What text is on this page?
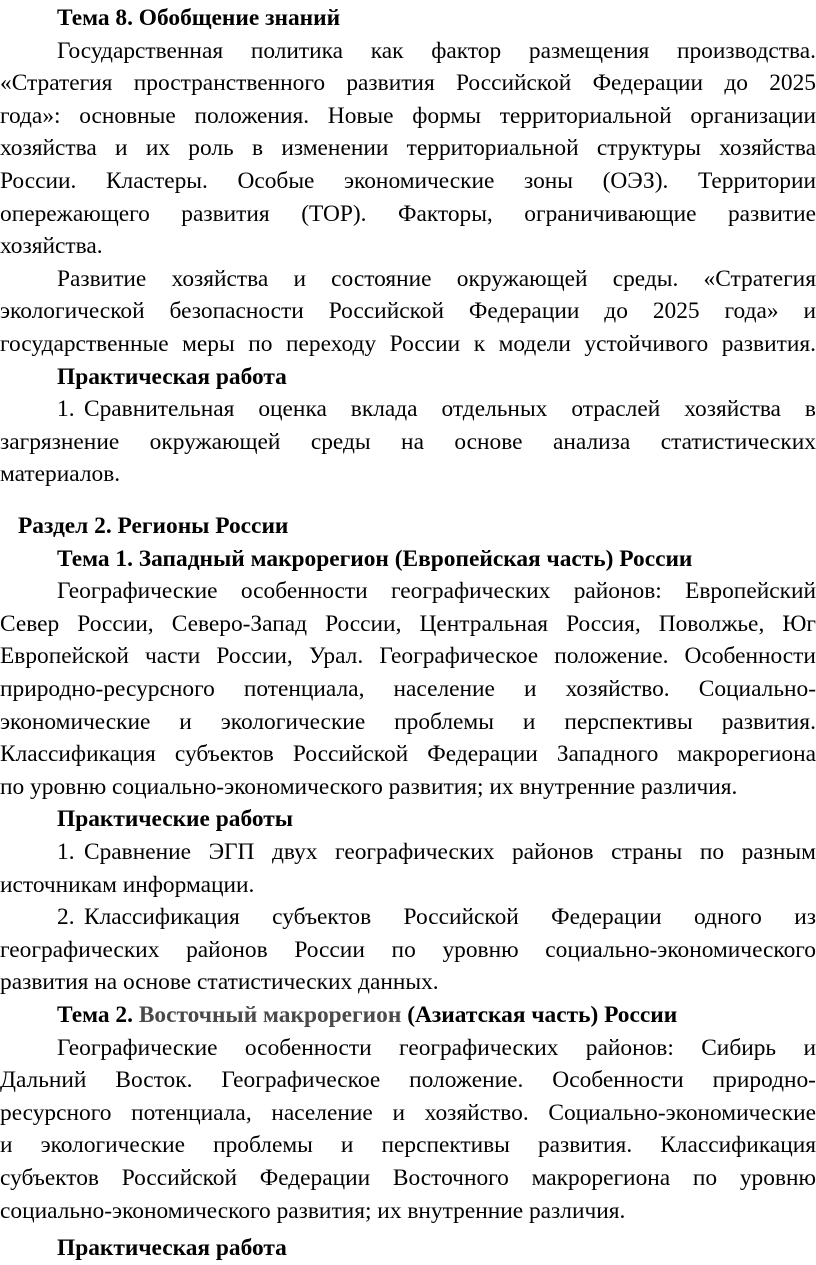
Тема 8. Обобщение знаний
Государственная политика как фактор размещения производства.
«Стратегия пространственного развития Российской Федерации до 2025
года»: основные положения. Новые формы территориальной организации
хозяйства и их роль в изменении территориальной структуры хозяйства
России. Кластеры. Особые экономические зоны (ОЭЗ). Территории
опережающего развития (ТОР). Факторы, ограничивающие развитие
хозяйства.
Развитие хозяйства и состояние окружающей среды. «Стратегия
экологической безопасности Российской Федерации до 2025 года» и
государственные меры по переходу России к модели устойчивого развития.
Практическая работа
1. Сравнительная оценка вклада отдельных отраслей хозяйства в
загрязнение окружающей среды на основе анализа статистических
материалов.
Раздел 2. Регионы России
Тема 1. Западный макрорегион (Европейская часть) России
Географические особенности географических районов: Европейский
Север России, Северо-Запад России, Центральная Россия, Поволжье, Юг
Европейской части России, Урал. Географическое положение. Особенности
природно-ресурсного потенциала, население и хозяйство. Социально-
экономические и экологические проблемы и перспективы развития.
Классификация субъектов Российской Федерации Западного макрорегиона
по уровню социально-экономического развития; их внутренние различия.
Практические работы
1. Сравнение ЭГП двух географических районов страны по разным
источникам информации.
2. Классификация субъектов Российской Федерации одного из
географических районов России по уровню социально-экономического
развития на основе статистических данных.
Тема 2. Восточный макрорегион (Азиатская часть) России
Географические особенности географических районов: Сибирь и
Дальний Восток. Географическое положение. Особенности природно-
ресурсного потенциала, население и хозяйство. Социально-экономические
и экологические проблемы и перспективы развития. Классификация
субъектов Российской Федерации Восточного макрорегиона по уровню
социально-экономического развития; их внутренние различия.
Практическая работа
